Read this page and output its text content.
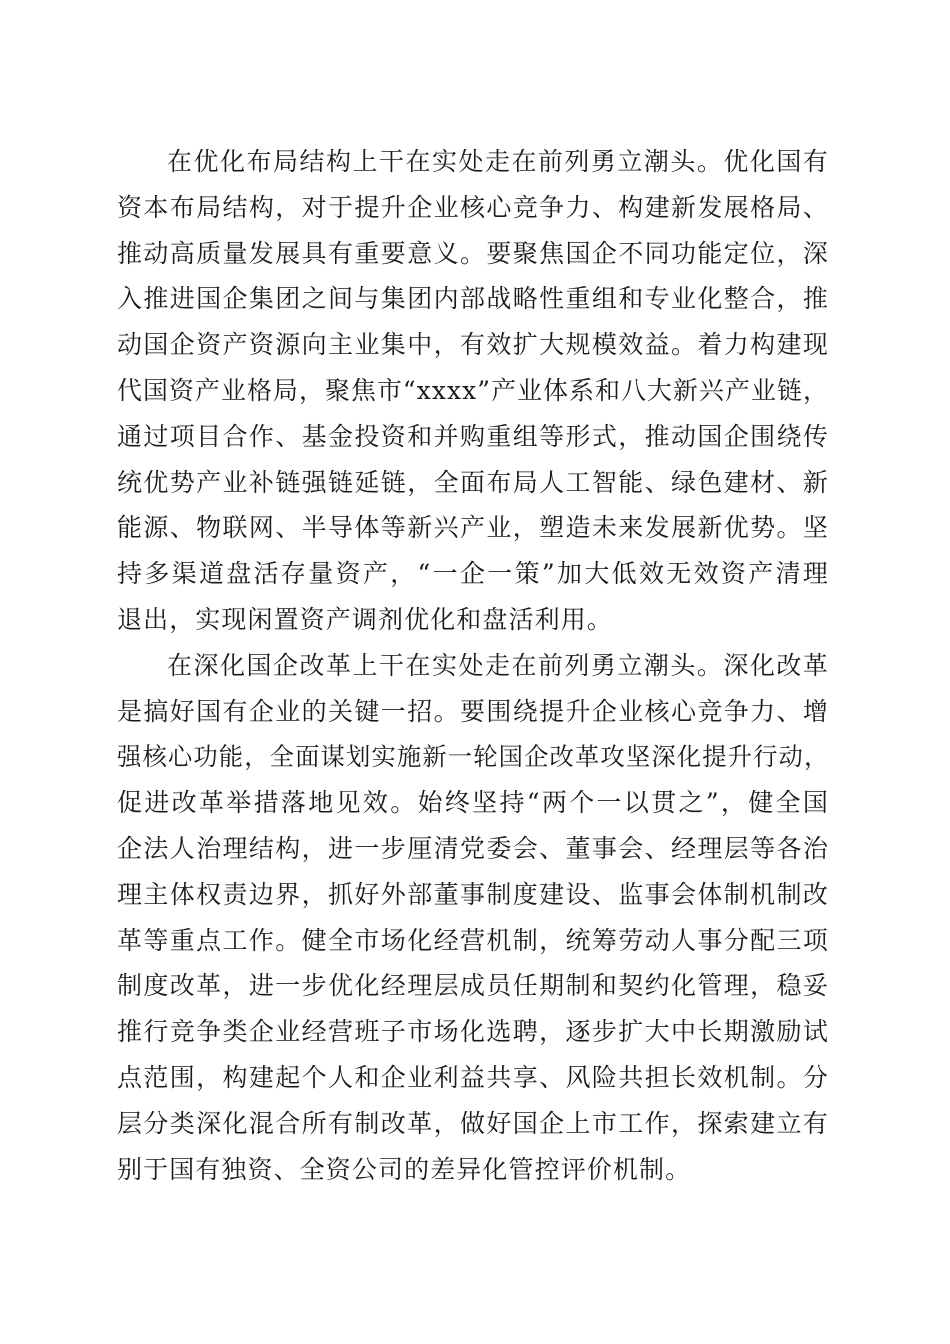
在优化布局结构上干在实处走在前列勇立潮头。优化国有
资本布局结构，对于提升企业核心竞争力、构建新发展格局、
推动高质量发展具有重要意义。要聚焦国企不同功能定位，深
入推进国企集团之间与集团内部战略性重组和专业化整合，推
动国企资产资源向主业集中，有效扩大规模效益。着力构建现
代国资产业格局，聚焦市“xxxx”产业体系和八大新兴产业链，
通过项目合作、基金投资和并购重组等形式，推动国企围绕传
统优势产业补链强链延链，全面布局人工智能、绿色建材、新
能源、物联网、半导体等新兴产业，塑造未来发展新优势。坚
持多渠道盘活存量资产，“一企一策”加大低效无效资产清理
退出，实现闲置资产调剂优化和盘活利用。
在深化国企改革上干在实处走在前列勇立潮头。深化改革
是搞好国有企业的关键一招。要围绕提升企业核心竞争力、增
强核心功能，全面谋划实施新一轮国企改革攻坚深化提升行动，
促进改革举措落地见效。始终坚持“两个一以贯之”，健全国
企法人治理结构，进一步厘清党委会、董事会、经理层等各治
理主体权责边界，抓好外部董事制度建设、监事会体制机制改
革等重点工作。健全市场化经营机制，统筹劳动人事分配三项
制度改革，进一步优化经理层成员任期制和契约化管理，稳妥
推行竞争类企业经营班子市场化选聘，逐步扩大中长期激励试
点范围，构建起个人和企业利益共享、风险共担长效机制。分
层分类深化混合所有制改革，做好国企上市工作，探索建立有
别于国有独资、全资公司的差异化管控评价机制。
